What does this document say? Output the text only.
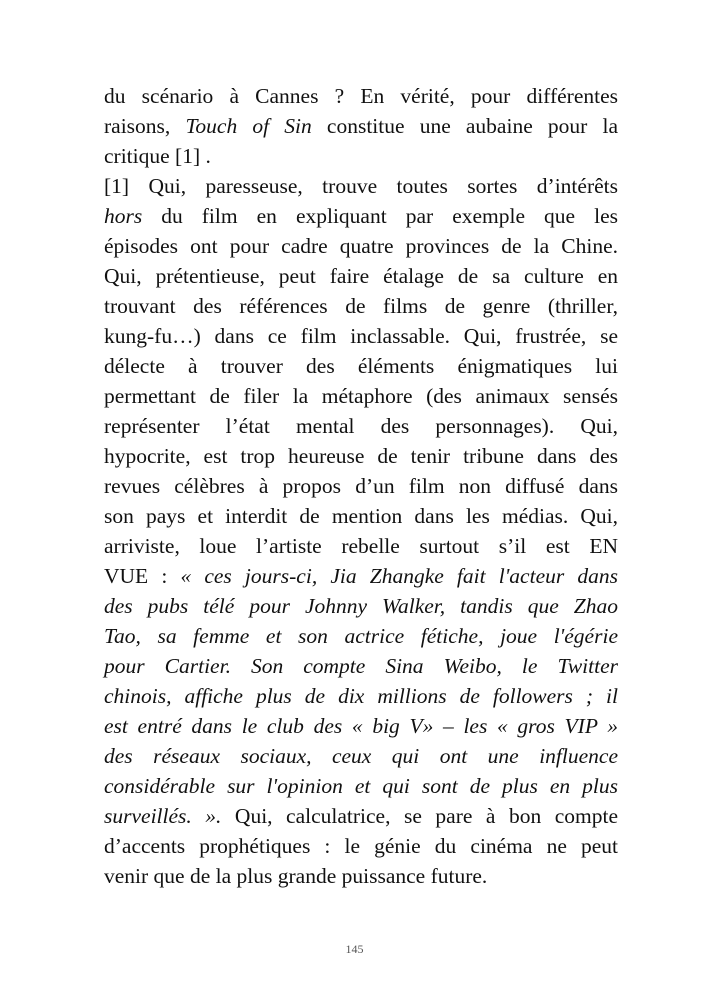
du scénario à Cannes ? En vérité, pour différentes
raisons, Touch of Sin constitue une aubaine pour la
critique [1] .
[1] Qui, paresseuse, trouve toutes sortes d’intérêts
hors du film en expliquant par exemple que les
épisodes ont pour cadre quatre provinces de la Chine.
Qui, prétentieuse, peut faire étalage de sa culture en
trouvant des références de films de genre (thriller,
kung-fu…) dans ce film inclassable. Qui, frustrée, se
délecte à trouver des éléments énigmatiques lui
permettant de filer la métaphore (des animaux sensés
représenter l’état mental des personnages). Qui,
hypocrite, est trop heureuse de tenir tribune dans des
revues célèbres à propos d’un film non diffusé dans
son pays et interdit de mention dans les médias. Qui,
arriviste, loue l’artiste rebelle surtout s’il est EN
VUE : « ces jours-ci, Jia Zhangke fait l'acteur dans
des pubs télé pour Johnny Walker, tandis que Zhao
Tao, sa femme et son actrice fétiche, joue l'égérie
pour Cartier. Son compte Sina Weibo, le Twitter
chinois, affiche plus de dix millions de followers ; il
est entré dans le club des « big V» – les « gros VIP »
des réseaux sociaux, ceux qui ont une influence
considérable sur l'opinion et qui sont de plus en plus
surveillés. ». Qui, calculatrice, se pare à bon compte
d’accents prophétiques : le génie du cinéma ne peut
venir que de la plus grande puissance future.
145
